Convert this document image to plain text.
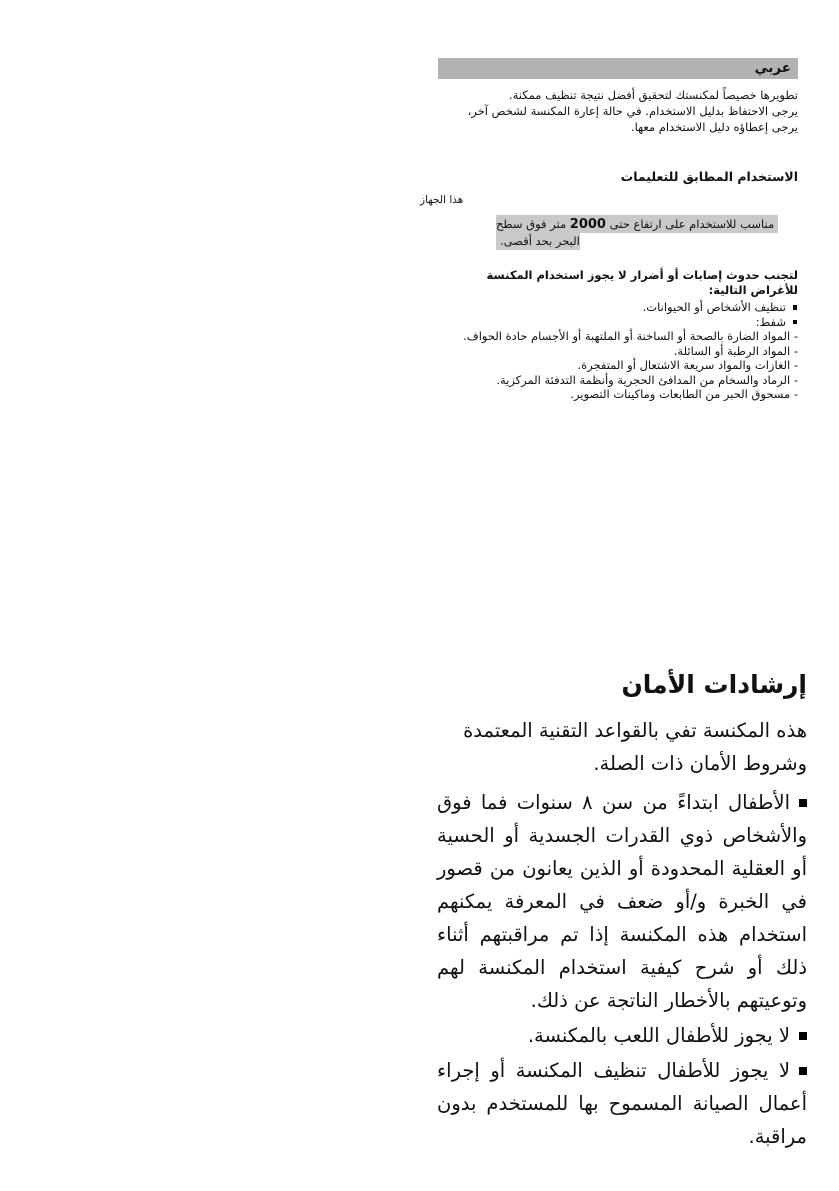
عربي

تطويرها خصيصاً لمكنستك لتحقيق أفضل نتيجة تنظيف ممكنة.

يرجى الاحتفاظ بدليل الاستخدام. في حالة إعارة المكنسة لشخص آخر، يرجى إعطاؤه دليل الاستخدام معها.

الاستخدام المطابق للتعليمات

هذا الجهاز

مناسب للاستخدام على ارتفاع حتى 2000 متر فوق سطح البحر بحد أقصى.

لتجنب حدوث إصابات أو أضرار لا يجوز استخدام المكنسة للأغراض التالية:

تنظيف الأشخاص أو الحيوانات.
شفط:

- المواد الضارة بالصحة أو الساخنة أو الملتهبة أو الأجسام حادة الحواف.

- المواد الرطبة أو السائلة.

- الغازات والمواد سريعة الاشتعال أو المتفجرة.

- الرماد والسخام من المدافئ الحجرية وأنظمة التدفئة المركزية.

- مسحوق الحبر من الطابعات وماكينات التصوير.

إرشادات الأمان

هذه المكنسة تفي بالقواعد التقنية المعتمدة وشروط الأمان ذات الصلة.

الأطفال ابتداءً من سن ٨ سنوات فما فوق والأشخاص ذوي القدرات الجسدية أو الحسية أو العقلية المحدودة أو الذين يعانون من قصور في الخبرة و/أو ضعف في المعرفة يمكنهم استخدام هذه المكنسة إذا تم مراقبتهم أثناء ذلك أو شرح كيفية استخدام المكنسة لهم وتوعيتهم بالأخطار الناتجة عن ذلك.
لا يجوز للأطفال اللعب بالمكنسة.
لا يجوز للأطفال تنظيف المكنسة أو إجراء أعمال الصيانة المسموح بها للمستخدم بدون مراقبة.
